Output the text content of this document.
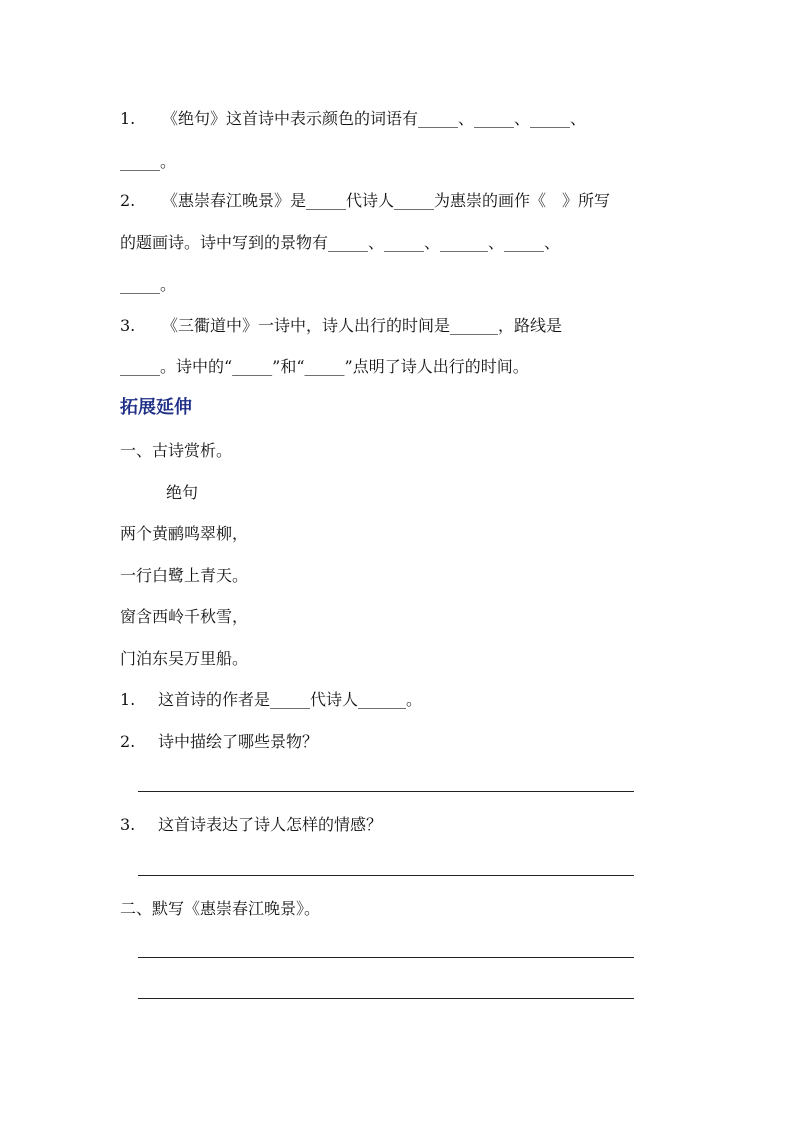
1. 《绝句》这首诗中表示颜色的词语有_____、_____、_____、
_____。
2. 《惠崇春江晚景》是_____代诗人_____为惠崇的画作《　》所写
的题画诗。诗中写到的景物有_____、_____、______、_____、
_____。
3. 《三衢道中》一诗中，诗人出行的时间是______，路线是
_____。诗中的“_____”和“_____”点明了诗人出行的时间。
拓展延伸
一、古诗赏析。
绝句
两个黄鹂鸣翠柳，
一行白鹭上青天。
窗含西岭千秋雪，
门泊东吴万里船。
1. 这首诗的作者是_____代诗人______。
2. 诗中描绘了哪些景物？
3. 这首诗表达了诗人怎样的情感？
二、默写《惠崇春江晚景》。
